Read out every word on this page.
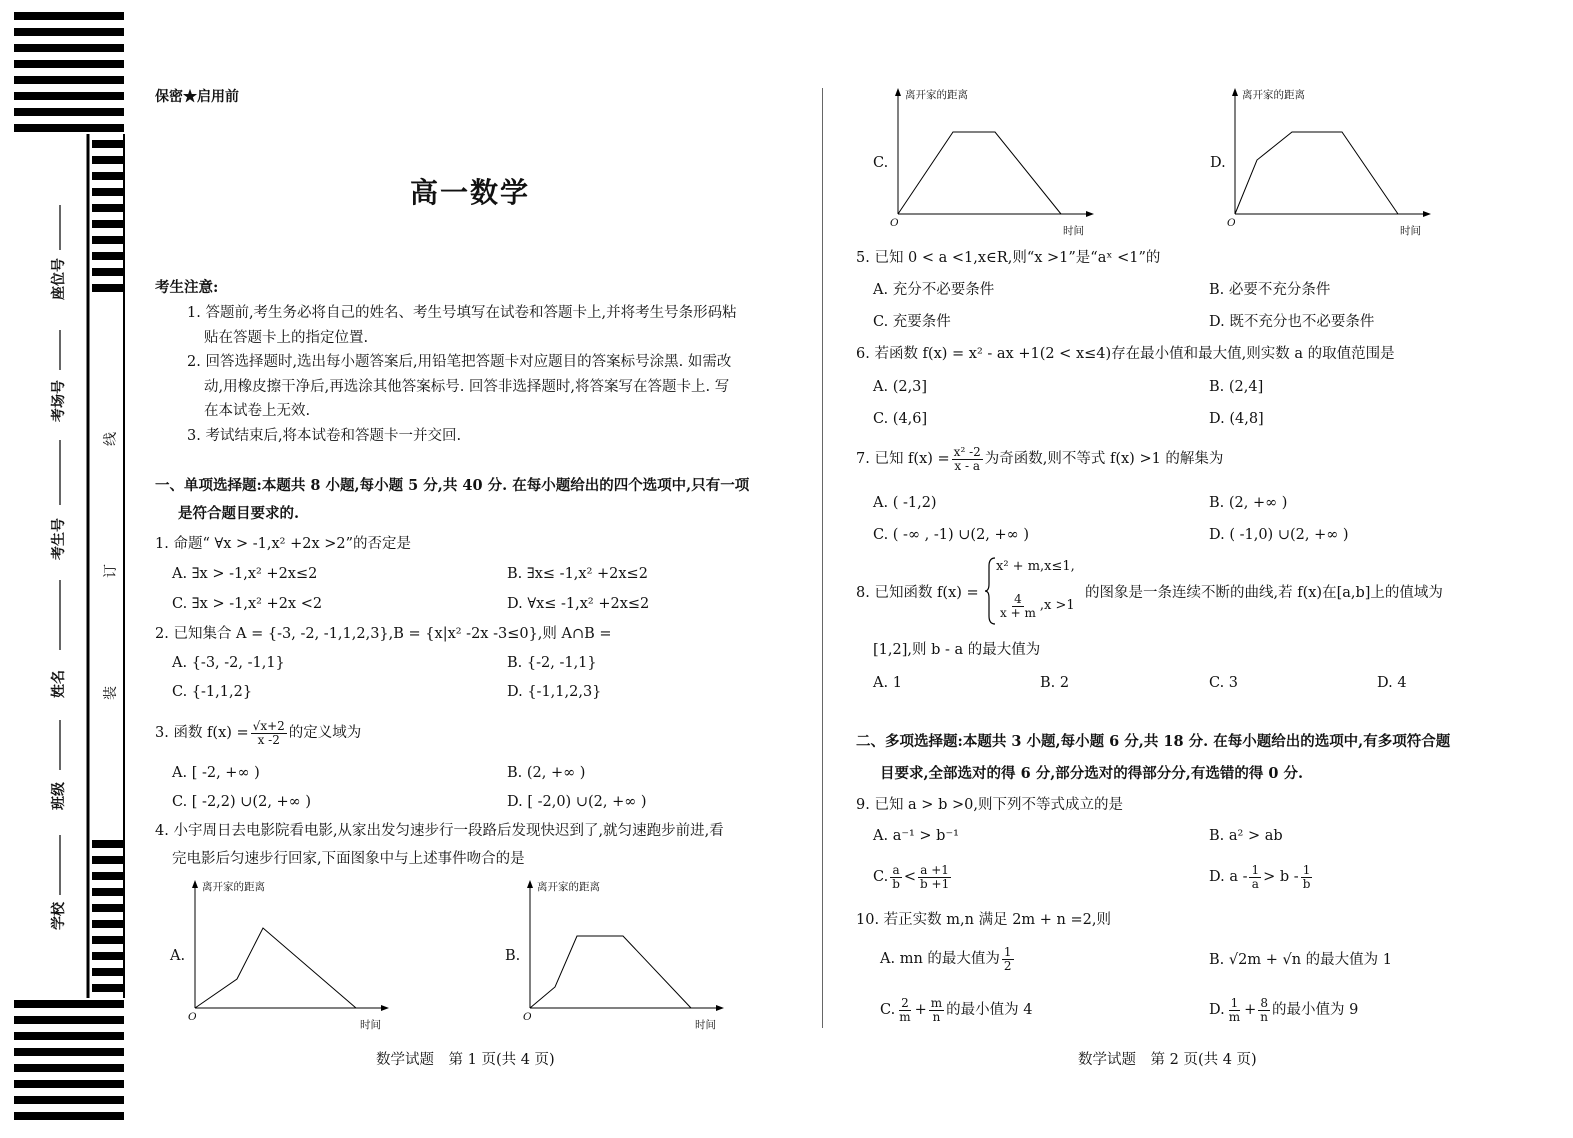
座位号
考场号
考生号
姓名
班级
学校
线
订
装
保密★启用前
高一数学
考生注意:
1. 答题前,考生务必将自己的姓名、考生号填写在试卷和答题卡上,并将考生号条形码粘
贴在答题卡上的指定位置.
2. 回答选择题时,选出每小题答案后,用铅笔把答题卡对应题目的答案标号涂黑. 如需改
动,用橡皮擦干净后,再选涂其他答案标号. 回答非选择题时,将答案写在答题卡上. 写
在本试卷上无效.
3. 考试结束后,将本试卷和答题卡一并交回.
一、单项选择题:本题共 8 小题,每小题 5 分,共 40 分. 在每小题给出的四个选项中,只有一项
是符合题目要求的.
1. 命题“ ∀x > -1,x² +2x >2”的否定是
A. ∃x > -1,x² +2x≤2	B. ∃x≤ -1,x² +2x≤2
C. ∃x > -1,x² +2x <2	D. ∀x≤ -1,x² +2x≤2
2. 已知集合 A = {-3, -2, -1,1,2,3},B = {x|x² -2x -3≤0},则 A∩B =
A. {-3, -2, -1,1}	B. {-2, -1,1}
C. {-1,1,2}	D. {-1,1,2,3}
3. 函数 $f(x) = \frac{√x+2}{x -2}$ 的定义域为
A. [ -2, +∞ )	B. (2, +∞ )
C. [ -2,2) ∪(2, +∞ )	D. [ -2,0) ∪(2, +∞ )
4. 小宇周日去电影院看电影,从家出发匀速步行一段路后发现快迟到了,就匀速跑步前进,看
完电影后匀速步行回家,下面图象中与上述事件吻合的是
A.
离开家的距离
时间
O
B.
离开家的距离
时间
O
数学试题　第 1 页(共 4 页)
C.
离开家的距离
时间
O
D.
离开家的距离
时间
O
5. 已知 0 < a <1,x∈R,则“x >1”是“aˣ <1”的
A. 充分不必要条件	B. 必要不充分条件
C. 充要条件	D. 既不充分也不必要条件
6. 若函数 f(x) = x² - ax +1(2 < x≤4)存在最小值和最大值,则实数 a 的取值范围是
A. (2,3]	B. (2,4]
C. (4,6]	D. (4,8]
7. 已知 $f(x) = \frac{\text{x² -2}}{x - a}$ 为奇函数,则不等式 f(x) >1 的解集为
A. ( -1,2)	B. (2, +∞ )
C. ( -∞ , -1) ∪(2, +∞ )	D. ( -1,0) ∪(2, +∞ )
8. 已知函数 f(x) =
x² + m,x≤1,
$\frac{4}{x + m} ,x >1$
的图象是一条连续不断的曲线,若 f(x)在[a,b]上的值域为
[1,2],则 b - a 的最大值为
A. 1	B. 2	C. 3	D. 4
二、多项选择题:本题共 3 小题,每小题 6 分,共 18 分. 在每小题给出的选项中,有多项符合题
目要求,全部选对的得 6 分,部分选对的得部分分,有选错的得 0 分.
9. 已知 a > b >0,则下列不等式成立的是
A. a⁻¹ > b⁻¹	B. a² > ab
C. $\frac{a}{b} < \frac{a +1}{b +1}$	D. $a - \frac{1}{a} > b - \frac{1}{b}$
10. 若正实数 m,n 满足 2m + n =2,则
A. mn 的最大值为 $\frac{1}{2}$	B. √2m + √n 的最大值为 1
C. $\frac{2}{m} + \frac{m}{n}$ 的最小值为 4	D. $\frac{1}{m} + \frac{8}{n}$ 的最小值为 9
数学试题　第 2 页(共 4 页)
